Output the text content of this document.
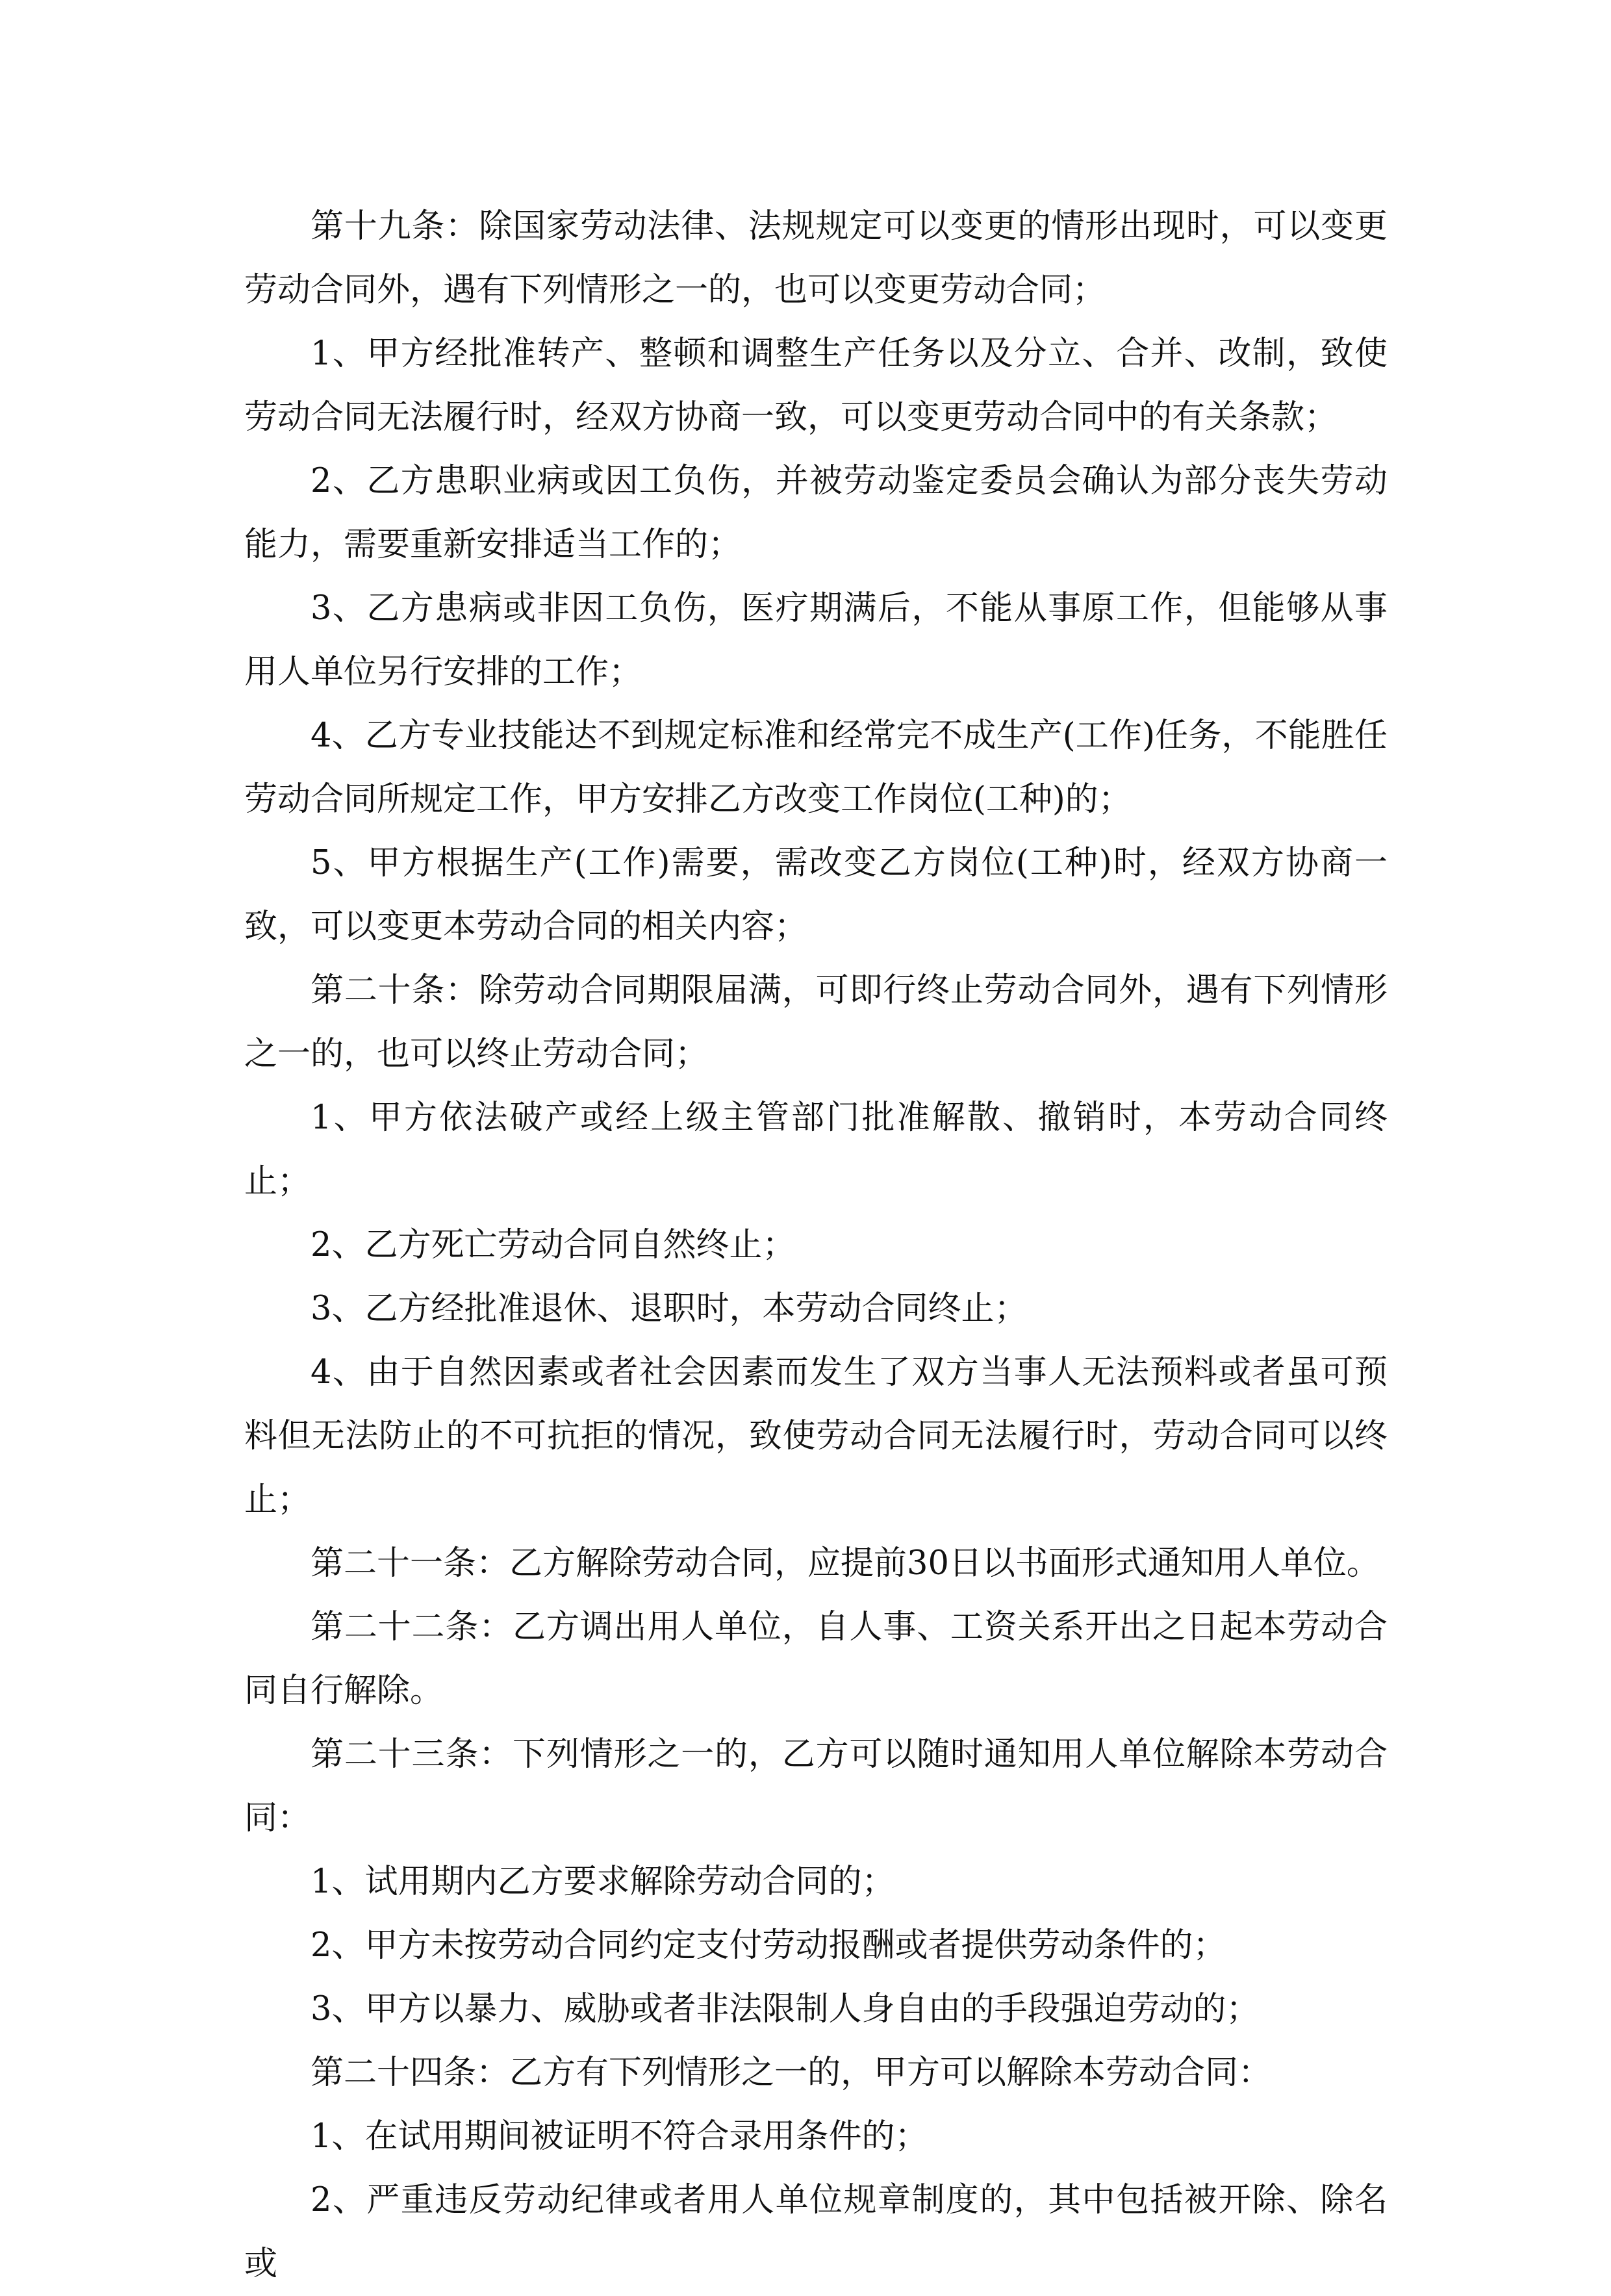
第十九条：除国家劳动法律、法规规定可以变更的情形出现时，可以变更劳动合同外，遇有下列情形之一的，也可以变更劳动合同；

1、甲方经批准转产、整顿和调整生产任务以及分立、合并、改制，致使劳动合同无法履行时，经双方协商一致，可以变更劳动合同中的有关条款；

2、乙方患职业病或因工负伤，并被劳动鉴定委员会确认为部分丧失劳动能力，需要重新安排适当工作的；

3、乙方患病或非因工负伤，医疗期满后，不能从事原工作，但能够从事用人单位另行安排的工作；

4、乙方专业技能达不到规定标准和经常完不成生产(工作)任务，不能胜任劳动合同所规定工作，甲方安排乙方改变工作岗位(工种)的；

5、甲方根据生产(工作)需要，需改变乙方岗位(工种)时，经双方协商一致，可以变更本劳动合同的相关内容；

第二十条：除劳动合同期限届满，可即行终止劳动合同外，遇有下列情形之一的，也可以终止劳动合同；

1、甲方依法破产或经上级主管部门批准解散、撤销时，本劳动合同终止；

2、乙方死亡劳动合同自然终止；

3、乙方经批准退休、退职时，本劳动合同终止；

4、由于自然因素或者社会因素而发生了双方当事人无法预料或者虽可预料但无法防止的不可抗拒的情况，致使劳动合同无法履行时，劳动合同可以终止；

第二十一条：乙方解除劳动合同，应提前30日以书面形式通知用人单位。

第二十二条：乙方调出用人单位，自人事、工资关系开出之日起本劳动合同自行解除。

第二十三条：下列情形之一的，乙方可以随时通知用人单位解除本劳动合同：

1、试用期内乙方要求解除劳动合同的；

2、甲方未按劳动合同约定支付劳动报酬或者提供劳动条件的；

3、甲方以暴力、威胁或者非法限制人身自由的手段强迫劳动的；

第二十四条：乙方有下列情形之一的，甲方可以解除本劳动合同：

1、在试用期间被证明不符合录用条件的；

2、严重违反劳动纪律或者用人单位规章制度的，其中包括被开除、除名或
